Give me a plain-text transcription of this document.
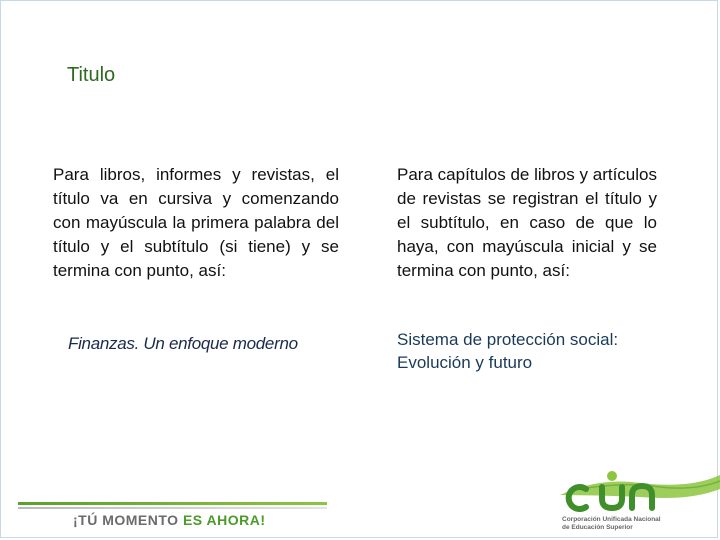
Titulo
Para libros, informes y revistas, el título va en cursiva y comenzando con mayúscula la primera palabra del título y el subtítulo (si tiene) y se termina con punto, así:
Finanzas. Un enfoque moderno
Para capítulos de libros y artículos de revistas se registran el título y el subtítulo, en caso de que lo haya, con mayúscula inicial y se termina con punto, así:
Sistema de protección social: Evolución y futuro
¡TÚ MOMENTO ES AHORA!	Corporación Unificada Nacional
de Educación Superior
